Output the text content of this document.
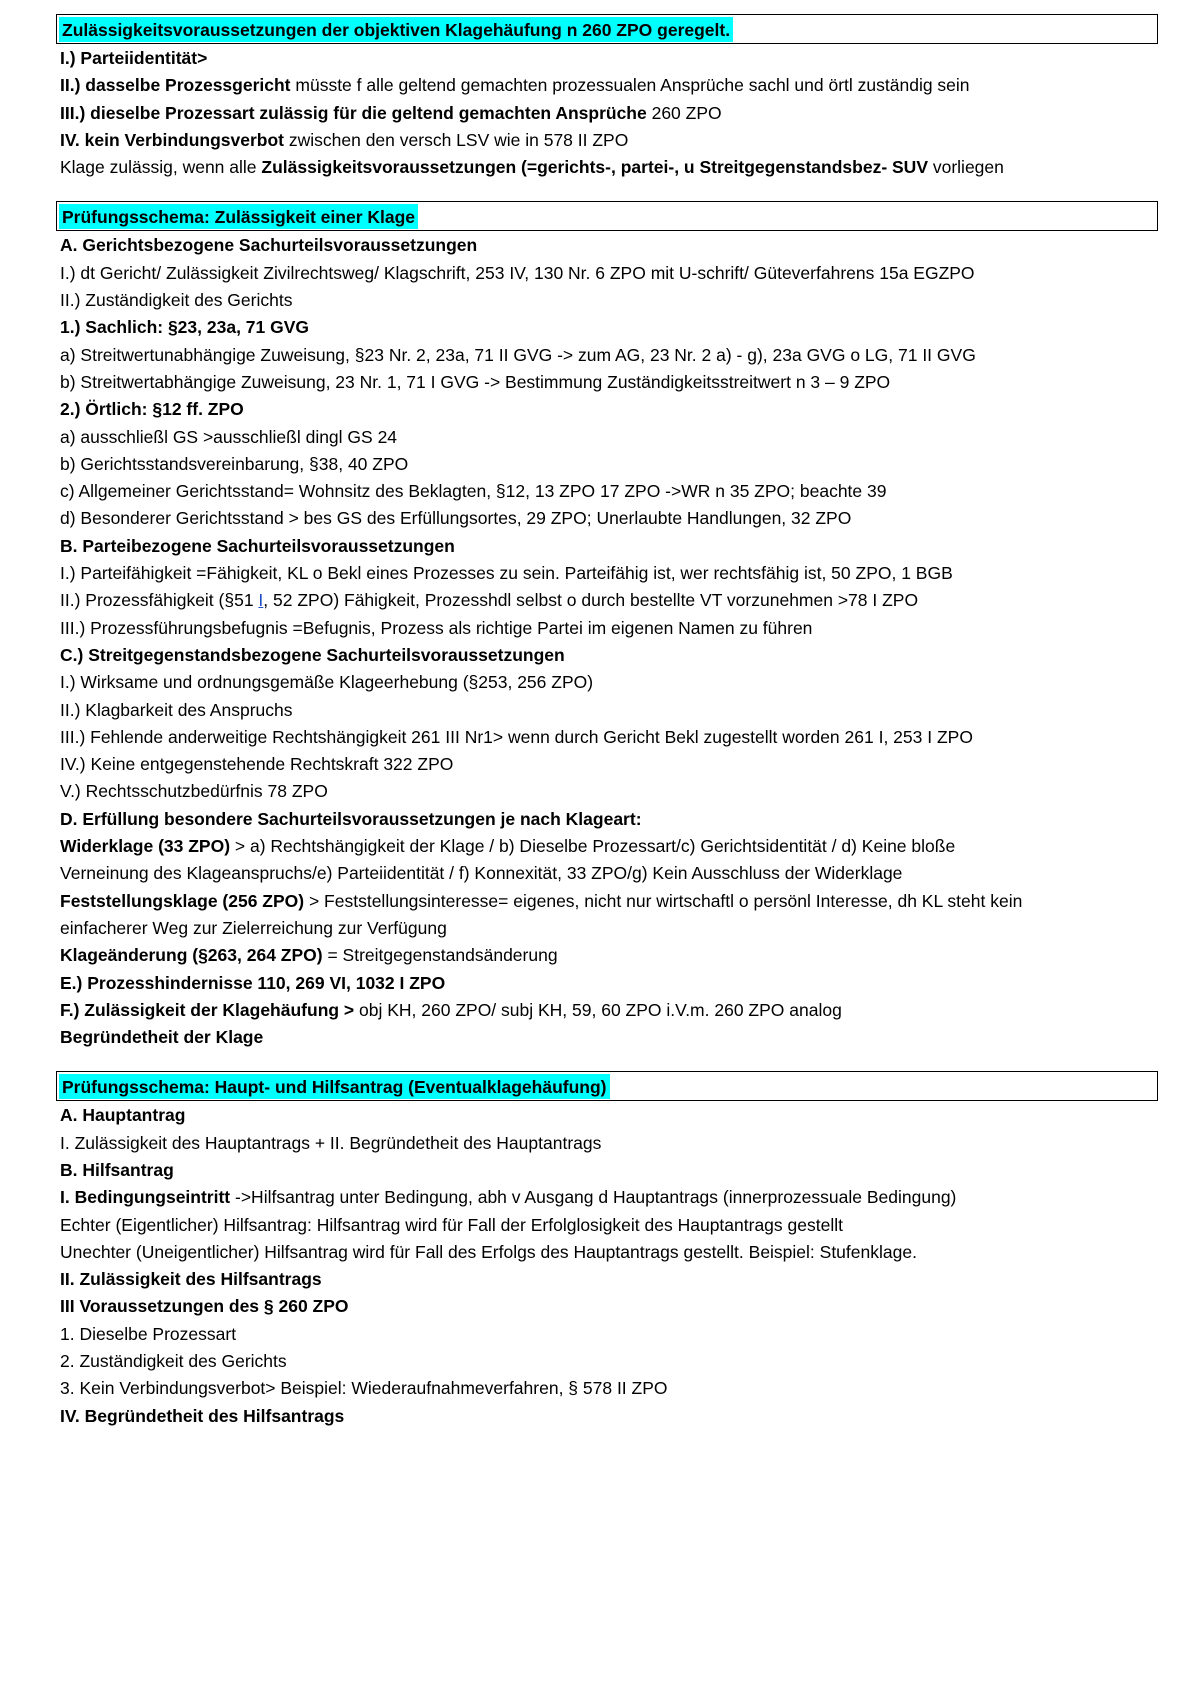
Zulässigkeitsvoraussetzungen der objektiven Klagehäufung n 260 ZPO geregelt.
I.) Parteiidentität>
II.) dasselbe Prozessgericht müsste f alle geltend gemachten prozessualen Ansprüche sachl und örtl zuständig sein
III.) dieselbe Prozessart zulässig für die geltend gemachten Ansprüche 260 ZPO
IV. kein Verbindungsverbot zwischen den versch LSV wie in 578 II ZPO
Klage zulässig, wenn alle Zulässigkeitsvoraussetzungen (=gerichts-, partei-, u Streitgegenstandsbez- SUV vorliegen
Prüfungsschema: Zulässigkeit einer Klage
A. Gerichtsbezogene Sachurteilsvoraussetzungen
I.) dt Gericht/ Zulässigkeit Zivilrechtsweg/ Klagschrift, 253 IV, 130 Nr. 6 ZPO mit U-schrift/ Güteverfahrens 15a EGZPO
II.) Zuständigkeit des Gerichts
1.) Sachlich: §23, 23a, 71 GVG
a) Streitwertunabhängige Zuweisung, §23 Nr. 2, 23a, 71 II GVG -> zum AG, 23 Nr. 2 a) - g), 23a GVG o LG, 71 II GVG
b) Streitwertabhängige Zuweisung, 23 Nr. 1, 71 I GVG -> Bestimmung Zuständigkeitsstreitwert n 3 – 9 ZPO
2.) Örtlich: §12 ff. ZPO
a) ausschließl GS >ausschließl dingl GS 24
b) Gerichtsstandsvereinbarung, §38, 40 ZPO
c) Allgemeiner Gerichtsstand= Wohnsitz des Beklagten, §12, 13 ZPO 17 ZPO ->WR n 35 ZPO; beachte 39
d) Besonderer Gerichtsstand > bes GS des Erfüllungsortes, 29 ZPO; Unerlaubte Handlungen, 32 ZPO
B. Parteibezogene Sachurteilsvoraussetzungen
I.) Parteifähigkeit =Fähigkeit, KL o Bekl eines Prozesses zu sein. Parteifähig ist, wer rechtsfähig ist, 50 ZPO, 1 BGB
II.) Prozessfähigkeit (§51 I, 52 ZPO) Fähigkeit, Prozesshdl selbst o durch bestellte VT vorzunehmen >78 I ZPO
III.) Prozessführungsbefugnis =Befugnis, Prozess als richtige Partei im eigenen Namen zu führen
C.) Streitgegenstandsbezogene Sachurteilsvoraussetzungen
I.) Wirksame und ordnungsgemäße Klageerhebung (§253, 256 ZPO)
II.) Klagbarkeit des Anspruchs
III.) Fehlende anderweitige Rechtshängigkeit 261 III Nr1> wenn durch Gericht Bekl zugestellt worden 261 I, 253 I ZPO
IV.) Keine entgegenstehende Rechtskraft 322 ZPO
V.) Rechtsschutzbedürfnis 78 ZPO
D. Erfüllung besondere Sachurteilsvoraussetzungen je nach Klageart:
Widerklage (33 ZPO) > a) Rechtshängigkeit der Klage / b) Dieselbe Prozessart/c) Gerichtsidentität / d) Keine bloße
Verneinung des Klageanspruchs/e) Parteiidentität / f) Konnexität, 33 ZPO/g) Kein Ausschluss der Widerklage
Feststellungsklage (256 ZPO) > Feststellungsinteresse= eigenes, nicht nur wirtschaftl o persönl Interesse, dh KL steht kein
einfacherer Weg zur Zielerreichung zur Verfügung
Klageänderung (§263, 264 ZPO) = Streitgegenstandsänderung
E.) Prozesshindernisse 110, 269 VI, 1032 I ZPO
F.) Zulässigkeit der Klagehäufung > obj KH, 260 ZPO/ subj KH, 59, 60 ZPO i.V.m. 260 ZPO analog
Begründetheit der Klage
Prüfungsschema: Haupt- und Hilfsantrag (Eventualklagehäufung)
A. Hauptantrag
I. Zulässigkeit des Hauptantrags + II. Begründetheit des Hauptantrags
B. Hilfsantrag
I. Bedingungseintritt ->Hilfsantrag unter Bedingung, abh v Ausgang d Hauptantrags (innerprozessuale Bedingung)
Echter (Eigentlicher) Hilfsantrag: Hilfsantrag wird für Fall der Erfolglosigkeit des Hauptantrags gestellt
Unechter (Uneigentlicher) Hilfsantrag wird für Fall des Erfolgs des Hauptantrags gestellt. Beispiel: Stufenklage.
II. Zulässigkeit des Hilfsantrags
III Voraussetzungen des § 260 ZPO
1. Dieselbe Prozessart
2. Zuständigkeit des Gerichts
3. Kein Verbindungsverbot> Beispiel: Wiederaufnahmeverfahren, § 578 II ZPO
IV. Begründetheit des Hilfsantrags
